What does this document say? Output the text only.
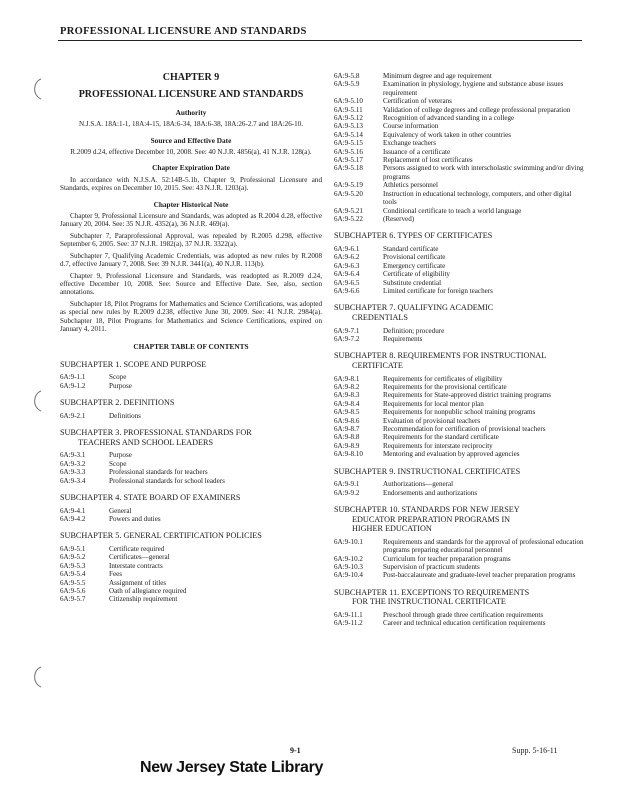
PROFESSIONAL LICENSURE AND STANDARDS
CHAPTER 9
PROFESSIONAL LICENSURE AND STANDARDS
Authority
N.J.S.A. 18A:1-1, 18A:4-15, 18A:6-34, 18A:6-38, 18A:26-2.7 and 18A:26-10.
Source and Effective Date
R.2009 d.24, effective December 10, 2008. See: 40 N.J.R. 4856(a), 41 N.J.R. 128(a).
Chapter Expiration Date
In accordance with N.J.S.A. 52:14B-5.1b, Chapter 9, Professional Licensure and Standards, expires on December 10, 2015. See: 43 N.J.R. 1203(a).
Chapter Historical Note
Chapter 9, Professional Licensure and Standards, was adopted as R.2004 d.28, effective January 20, 2004. See: 35 N.J.R. 4352(a), 36 N.J.R. 469(a).
Subchapter 7, Paraprofessional Approval, was repealed by R.2005 d.298, effective September 6, 2005. See: 37 N.J.R. 1982(a), 37 N.J.R. 3322(a).
Subchapter 7, Qualifying Academic Credentials, was adopted as new rules by R.2008 d.7, effective January 7, 2008. See: 39 N.J.R. 3441(a), 40 N.J.R. 113(b).
Chapter 9, Professional Licensure and Standards, was readopted as R.2009 d.24, effective December 10, 2008. See: Source and Effective Date. See, also, section annotations.
Subchapter 18, Pilot Programs for Mathematics and Science Certifications, was adopted as special new rules by R.2009 d.238, effective June 30, 2009. See: 41 N.J.R. 2984(a). Subchapter 18, Pilot Programs for Mathematics and Science Certifications, expired on January 4, 2011.
CHAPTER TABLE OF CONTENTS
SUBCHAPTER 1. SCOPE AND PURPOSE
6A:9-1.1	Scope
6A:9-1.2	Purpose
SUBCHAPTER 2. DEFINITIONS
6A:9-2.1	Definitions
SUBCHAPTER 3. PROFESSIONAL STANDARDS FOR
TEACHERS AND SCHOOL LEADERS
6A:9-3.1	Purpose
6A:9-3.2	Scope
6A:9-3.3	Professional standards for teachers
6A:9-3.4	Professional standards for school leaders
SUBCHAPTER 4. STATE BOARD OF EXAMINERS
6A:9-4.1	General
6A:9-4.2	Powers and duties
SUBCHAPTER 5. GENERAL CERTIFICATION POLICIES
6A:9-5.1	Certificate required
6A:9-5.2	Certificates—general
6A:9-5.3	Interstate contracts
6A:9-5.4	Fees
6A:9-5.5	Assignment of titles
6A:9-5.6	Oath of allegiance required
6A:9-5.7	Citizenship requirement
6A:9-5.8	Minimum degree and age requirement
6A:9-5.9	Examination in physiology, hygiene and substance abuse issues requirement
6A:9-5.10	Certification of veterans
6A:9-5.11	Validation of college degrees and college professional preparation
6A:9-5.12	Recognition of advanced standing in a college
6A:9-5.13	Course information
6A:9-5.14	Equivalency of work taken in other countries
6A:9-5.15	Exchange teachers
6A:9-5.16	Issuance of a certificate
6A:9-5.17	Replacement of lost certificates
6A:9-5.18	Persons assigned to work with interscholastic swimming and/or diving programs
6A:9-5.19	Athletics personnel
6A:9-5.20	Instruction in educational technology, computers, and other digital tools
6A:9-5.21	Conditional certificate to teach a world language
6A:9-5.22	(Reserved)
SUBCHAPTER 6. TYPES OF CERTIFICATES
6A:9-6.1	Standard certificate
6A:9-6.2	Provisional certificate
6A:9-6.3	Emergency certificate
6A:9-6.4	Certificate of eligibility
6A:9-6.5	Substitute credential
6A:9-6.6	Limited certificate for foreign teachers
SUBCHAPTER 7. QUALIFYING ACADEMIC
CREDENTIALS
6A:9-7.1	Definition; procedure
6A:9-7.2	Requirements
SUBCHAPTER 8. REQUIREMENTS FOR INSTRUCTIONAL
CERTIFICATE
6A:9-8.1	Requirements for certificates of eligibility
6A:9-8.2	Requirements for the provisional certificate
6A:9-8.3	Requirements for State-approved district training programs
6A:9-8.4	Requirements for local mentor plan
6A:9-8.5	Requirements for nonpublic school training programs
6A:9-8.6	Evaluation of provisional teachers
6A:9-8.7	Recommendation for certification of provisional teachers
6A:9-8.8	Requirements for the standard certificate
6A:9-8.9	Requirements for interstate reciprocity
6A:9-8.10	Mentoring and evaluation by approved agencies
SUBCHAPTER 9. INSTRUCTIONAL CERTIFICATES
6A:9-9.1	Authorizations—general
6A:9-9.2	Endorsements and authorizations
SUBCHAPTER 10. STANDARDS FOR NEW JERSEY
EDUCATOR PREPARATION PROGRAMS IN
HIGHER EDUCATION
6A:9-10.1	Requirements and standards for the approval of professional education programs preparing educational personnel
6A:9-10.2	Curriculum for teacher preparation programs
6A:9-10.3	Supervision of practicum students
6A:9-10.4	Post-baccalaureate and graduate-level teacher preparation programs
SUBCHAPTER 11. EXCEPTIONS TO REQUIREMENTS
FOR THE INSTRUCTIONAL CERTIFICATE
6A:9-11.1	Preschool through grade three certification requirements
6A:9-11.2	Career and technical education certification requirements
9-1	Supp. 5-16-11
New Jersey State Library
